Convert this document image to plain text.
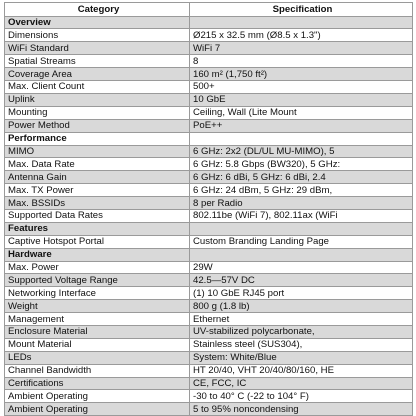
Category	Specification
Overview	
Dimensions	Ø215 x 32.5 mm (Ø8.5 x 1.3")
WiFi Standard	WiFi 7
Spatial Streams	8
Coverage Area	160 m² (1,750 ft²)
Max. Client Count	500+
Uplink	10 GbE
Mounting	Ceiling, Wall (Lite Mount
Power Method	PoE++
Performance	
MIMO	6 GHz: 2x2 (DL/UL MU-MIMO), 5
Max. Data Rate	6 GHz: 5.8 Gbps (BW320), 5 GHz:
Antenna Gain	6 GHz: 6 dBi, 5 GHz: 6 dBi, 2.4
Max. TX Power	6 GHz: 24 dBm, 5 GHz: 29 dBm,
Max. BSSIDs	8 per Radio
Supported Data Rates	802.11be (WiFi 7), 802.11ax (WiFi
Features	
Captive Hotspot Portal	Custom Branding Landing Page
Hardware	
Max. Power	29W
Supported Voltage Range	42.5—57V DC
Networking Interface	(1) 10 GbE RJ45 port
Weight	800 g (1.8 lb)
Management	Ethernet
Enclosure Material	UV-stabilized polycarbonate,
Mount Material	Stainless steel (SUS304),
LEDs	System: White/Blue
Channel Bandwidth	HT 20/40, VHT 20/40/80/160, HE
Certifications	CE, FCC, IC
Ambient Operating	-30 to 40° C (-22 to 104° F)
Ambient Operating	5 to 95% noncondensing
